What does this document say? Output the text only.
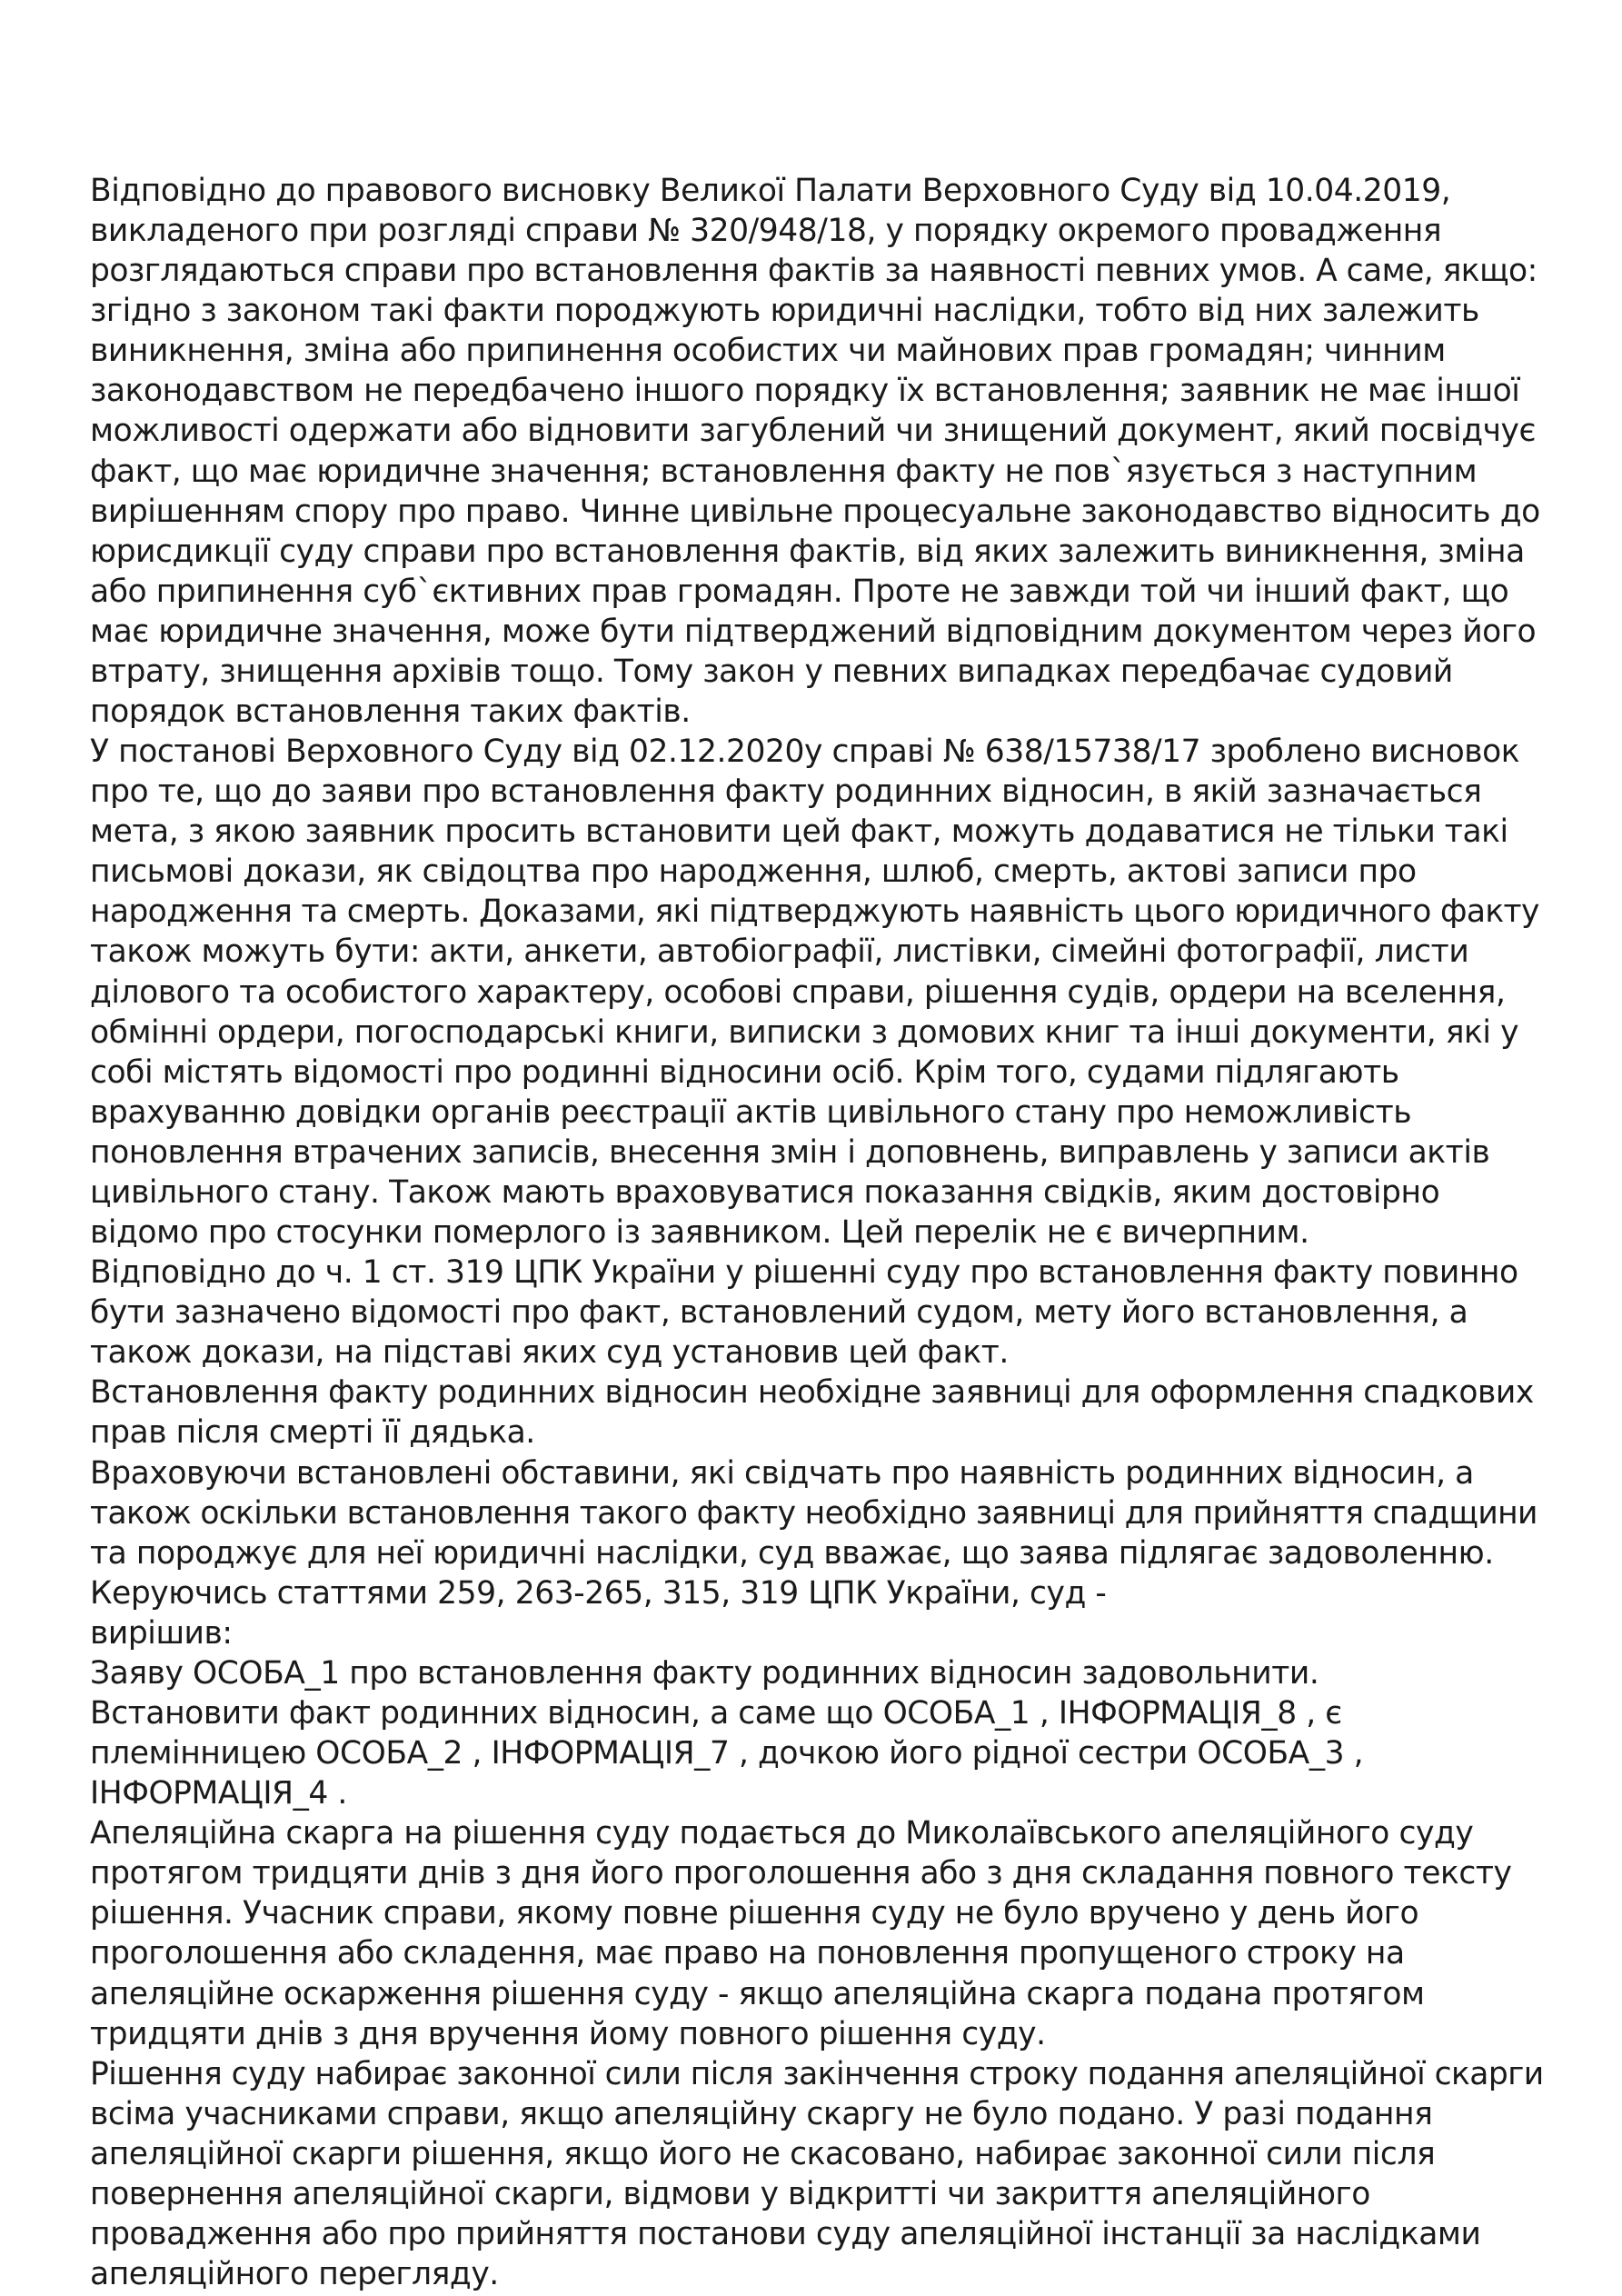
Відповідно до правового висновку Великої Палати Верховного Суду від 10.04.2019,
викладеного при розгляді справи № 320/948/18, у порядку окремого провадження
розглядаються справи про встановлення фактів за наявності певних умов. А саме, якщо:
згідно з законом такі факти породжують юридичні наслідки, тобто від них залежить
виникнення, зміна або припинення особистих чи майнових прав громадян; чинним
законодавством не передбачено іншого порядку їх встановлення; заявник не має іншої
можливості одержати або відновити загублений чи знищений документ, який посвідчує
факт, що має юридичне значення; встановлення факту не пов`язується з наступним
вирішенням спору про право. Чинне цивільне процесуальне законодавство відносить до
юрисдикції суду справи про встановлення фактів, від яких залежить виникнення, зміна
або припинення суб`єктивних прав громадян. Проте не завжди той чи інший факт, що
має юридичне значення, може бути підтверджений відповідним документом через його
втрату, знищення архівів тощо. Тому закон у певних випадках передбачає судовий
порядок встановлення таких фактів.
У постанові Верховного Суду від 02.12.2020у справі № 638/15738/17 зроблено висновок
про те, що до заяви про встановлення факту родинних відносин, в якій зазначається
мета, з якою заявник просить встановити цей факт, можуть додаватися не тільки такі
письмові докази, як свідоцтва про народження, шлюб, смерть, актові записи про
народження та смерть. Доказами, які підтверджують наявність цього юридичного факту
також можуть бути: акти, анкети, автобіографії, листівки, сімейні фотографії, листи
ділового та особистого характеру, особові справи, рішення судів, ордери на вселення,
обмінні ордери, погосподарські книги, виписки з домових книг та інші документи, які у
собі містять відомості про родинні відносини осіб. Крім того, судами підлягають
врахуванню довідки органів реєстрації актів цивільного стану про неможливість
поновлення втрачених записів, внесення змін і доповнень, виправлень у записи актів
цивільного стану. Також мають враховуватися показання свідків, яким достовірно
відомо про стосунки померлого із заявником. Цей перелік не є вичерпним.
Відповідно до ч. 1 ст. 319 ЦПК України у рішенні суду про встановлення факту повинно
бути зазначено відомості про факт, встановлений судом, мету його встановлення, а
також докази, на підставі яких суд установив цей факт.
Встановлення факту родинних відносин необхідне заявниці для оформлення спадкових
прав після смерті її дядька.
Враховуючи встановлені обставини, які свідчать про наявність родинних відносин, а
також оскільки встановлення такого факту необхідно заявниці для прийняття спадщини
та породжує для неї юридичні наслідки, суд вважає, що заява підлягає задоволенню.
Керуючись статтями 259, 263-265, 315, 319 ЦПК України, суд -
вирішив:
Заяву ОСОБА_1 про встановлення факту родинних відносин задовольнити.
Встановити факт родинних відносин, а саме що ОСОБА_1 , ІНФОРМАЦІЯ_8 , є
племінницею ОСОБА_2 , ІНФОРМАЦІЯ_7 , дочкою його рідної сестри ОСОБА_3 ,
ІНФОРМАЦІЯ_4 .
Апеляційна скарга на рішення суду подається до Миколаївського апеляційного суду
протягом тридцяти днів з дня його проголошення або з дня складання повного тексту
рішення. Учасник справи, якому повне рішення суду не було вручено у день його
проголошення або складення, має право на поновлення пропущеного строку на
апеляційне оскарження рішення суду - якщо апеляційна скарга подана протягом
тридцяти днів з дня вручення йому повного рішення суду.
Рішення суду набирає законної сили після закінчення строку подання апеляційної скарги
всіма учасниками справи, якщо апеляційну скаргу не було подано. У разі подання
апеляційної скарги рішення, якщо його не скасовано, набирає законної сили після
повернення апеляційної скарги, відмови у відкритті чи закриття апеляційного
провадження або про прийняття постанови суду апеляційної інстанції за наслідками
апеляційного перегляду.
